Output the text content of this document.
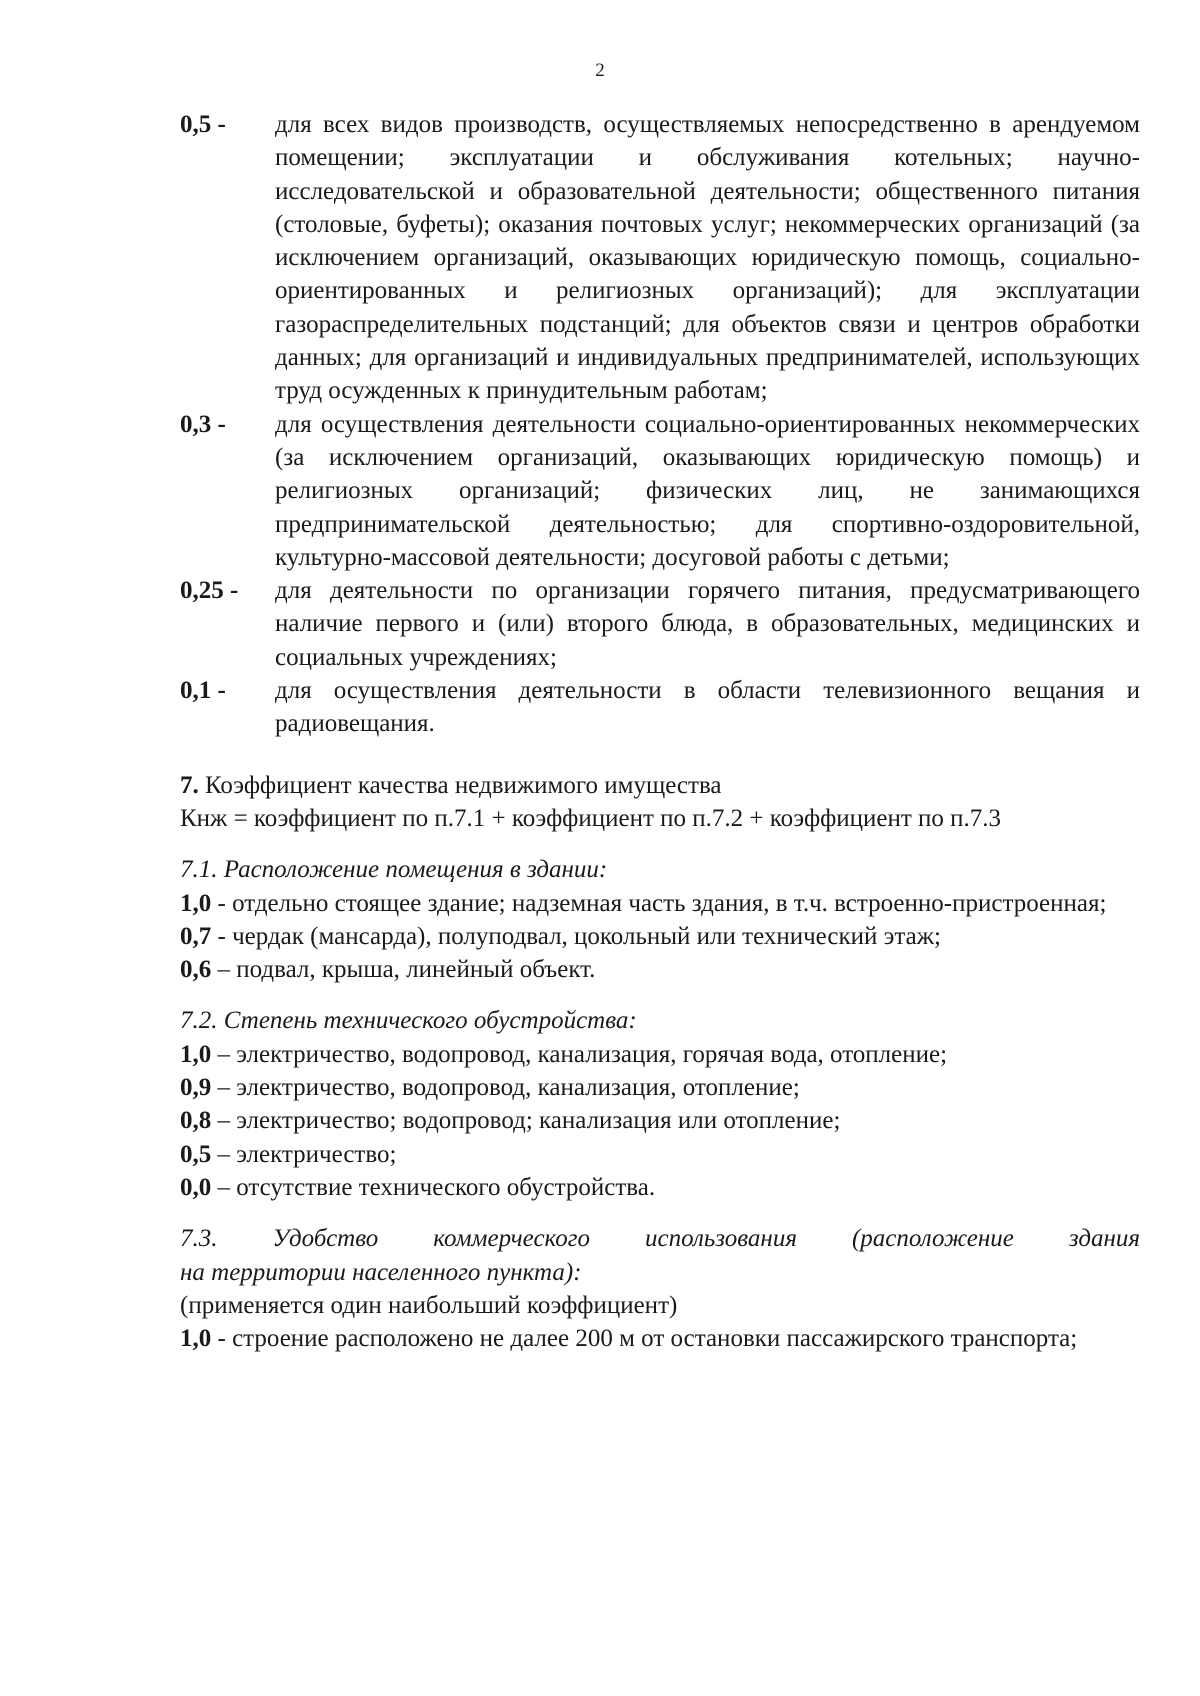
2
0,5 -	для всех видов производств, осуществляемых непосредственно в арендуемом помещении; эксплуатации и обслуживания котельных; научно-исследовательской и образовательной деятельности; общественного питания (столовые, буфеты); оказания почтовых услуг; некоммерческих организаций (за исключением организаций, оказывающих юридическую помощь, социально-ориентированных и религиозных организаций); для эксплуатации газораспределительных подстанций; для объектов связи и центров обработки данных; для организаций и индивидуальных предпринимателей, использующих труд осужденных к принудительным работам;
0,3 -	для осуществления деятельности социально-ориентированных некоммерческих (за исключением организаций, оказывающих юридическую помощь) и религиозных организаций; физических лиц, не занимающихся предпринимательской деятельностью; для спортивно-оздоровительной, культурно-массовой деятельности; досуговой работы с детьми;
0,25 -	для деятельности по организации горячего питания, предусматривающего наличие первого и (или) второго блюда, в образовательных, медицинских и социальных учреждениях;
0,1 -	для осуществления деятельности в области телевизионного вещания и радиовещания.
7. Коэффициент качества недвижимого имущества
Кнж = коэффициент по п.7.1 + коэффициент по п.7.2 + коэффициент по п.7.3
7.1. Расположение помещения в здании:
1,0 - отдельно стоящее здание; надземная часть здания, в т.ч. встроенно-пристроенная;
0,7 - чердак (мансарда), полуподвал, цокольный или технический этаж;
0,6 – подвал, крыша, линейный объект.
7.2. Степень технического обустройства:
1,0 – электричество, водопровод, канализация, горячая вода, отопление;
0,9 – электричество, водопровод, канализация, отопление;
0,8 – электричество; водопровод; канализация или отопление;
0,5 – электричество;
0,0 – отсутствие технического обустройства.
7.3. Удобство коммерческого использования (расположение здания
на территории населенного пункта):
(применяется один наибольший коэффициент)
1,0 - строение расположено не далее 200 м от остановки пассажирского транспорта;
